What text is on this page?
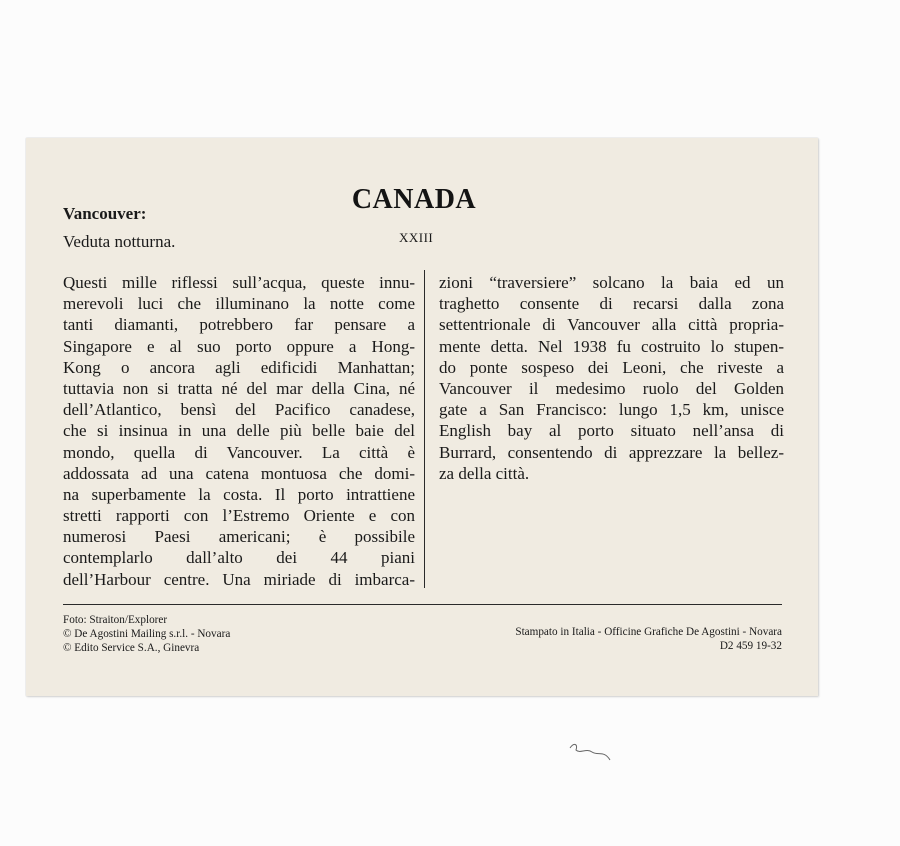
CANADA
XXIII
Vancouver:
Veduta notturna.
Questi mille riflessi sull’acqua, queste innu-
merevoli luci che illuminano la notte come
tanti diamanti, potrebbero far pensare a
Singapore e al suo porto oppure a Hong-
Kong o ancora agli edificidi Manhattan;
tuttavia non si tratta né del mar della Cina, né
dell’Atlantico, bensì del Pacifico canadese,
che si insinua in una delle più belle baie del
mondo, quella di Vancouver. La città è
addossata ad una catena montuosa che domi-
na superbamente la costa. Il porto intrattiene
stretti rapporti con l’Estremo Oriente e con
numerosi Paesi americani; è possibile
contemplarlo dall’alto dei 44 piani
dell’Harbour centre. Una miriade di imbarca-
zioni “traversiere” solcano la baia ed un
traghetto consente di recarsi dalla zona
settentrionale di Vancouver alla città propria-
mente detta. Nel 1938 fu costruito lo stupen-
do ponte sospeso dei Leoni, che riveste a
Vancouver il medesimo ruolo del Golden
gate a San Francisco: lungo 1,5 km, unisce
English bay al porto situato nell’ansa di
Burrard, consentendo di apprezzare la bellez-
za della città.
Foto: Straiton/Explorer
© De Agostini Mailing s.r.l. - Novara
© Edito Service S.A., Ginevra
Stampato in Italia - Officine Grafiche De Agostini - Novara
D2 459 19-32
